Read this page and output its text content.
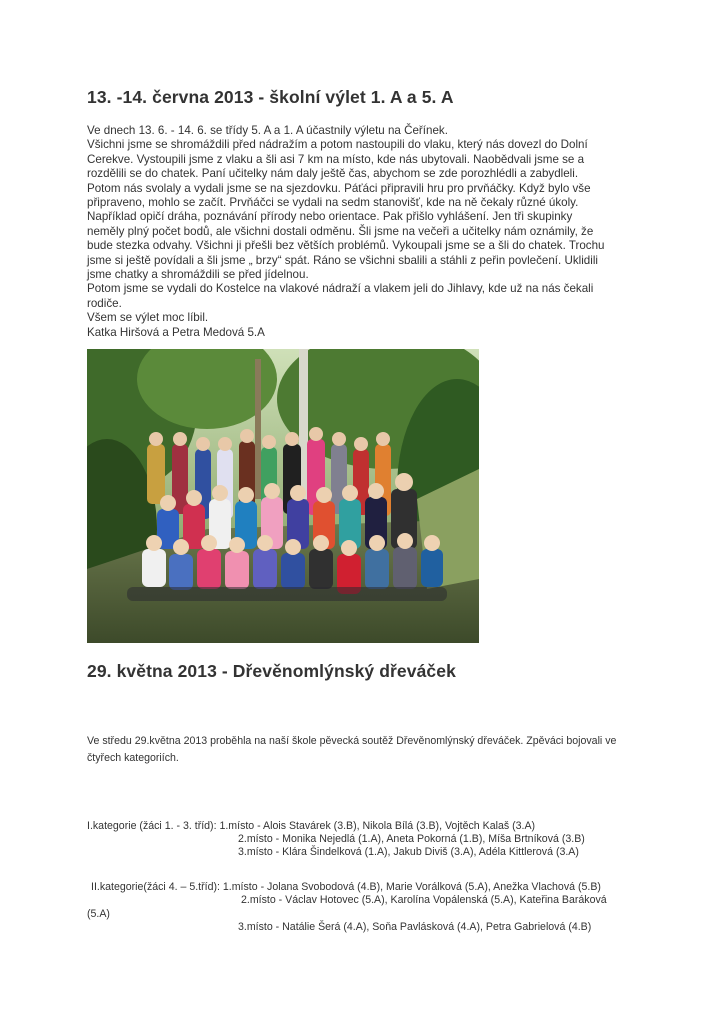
13. -14. června 2013 - školní výlet 1. A a 5. A
Ve dnech 13. 6. - 14. 6. se třídy 5. A a 1. A účastnily výletu na Čeřínek.
Všichni jsme se shromáždili před nádražím a potom nastoupili do vlaku, který nás dovezl do Dolní
Cerekve. Vystoupili jsme z vlaku a šli asi 7 km na místo, kde nás ubytovali. Naobědvali jsme se a
rozdělili se do chatek. Paní učitelky nám daly ještě čas, abychom se zde porozhlédli a zabydleli.
Potom nás svolaly a vydali jsme se na sjezdovku. Páťáci připravili hru pro prvňáčky. Když bylo vše
připraveno, mohlo se začít. Prvňáčci se vydali na sedm stanovišť, kde na ně čekaly různé úkoly.
Například opičí dráha, poznávání přírody nebo orientace. Pak přišlo vyhlášení. Jen tři skupinky
neměly plný počet bodů, ale všichni dostali odměnu. Šli jsme na večeři a učitelky nám oznámily, že
bude stezka odvahy. Všichni ji přešli bez větších problémů. Vykoupali jsme se a šli do chatek. Trochu
jsme si ještě povídali a šli jsme „ brzy“ spát. Ráno se všichni sbalili a stáhli z peřin povlečení. Uklidili
jsme chatky a shromáždili se před jídelnou.
Potom jsme se vydali do Kostelce na vlakové nádraží a vlakem jeli do Jihlavy, kde už na nás čekali
rodiče.
Všem se výlet moc líbil.
Katka Hiršová a Petra Medová 5.A
29. května 2013 - Dřevěnomlýnský dřeváček
Ve středu 29.května 2013 proběhla na naší škole pěvecká soutěž Dřevěnomlýnský dřeváček. Zpěváci bojovali ve
čtyřech kategoriích.
I.kategorie (žáci 1. - 3. tříd): 1.místo - Alois Stavárek (3.B), Nikola Bílá (3.B), Vojtěch Kalaš (3.A)
2.místo - Monika Nejedlá (1.A), Aneta Pokorná (1.B), Míša Brtníková (3.B)
3.místo - Klára Šindelková (1.A), Jakub Diviš (3.A), Adéla Kittlerová (3.A)
II.kategorie(žáci 4. – 5.tříd): 1.místo - Jolana Svobodová (4.B), Marie Vorálková (5.A), Anežka Vlachová (5.B)
2.místo - Václav Hotovec (5.A), Karolína Vopálenská (5.A), Kateřina Baráková
(5.A)
3.místo - Natálie Šerá (4.A), Soňa Pavlásková (4.A), Petra Gabrielová (4.B)
